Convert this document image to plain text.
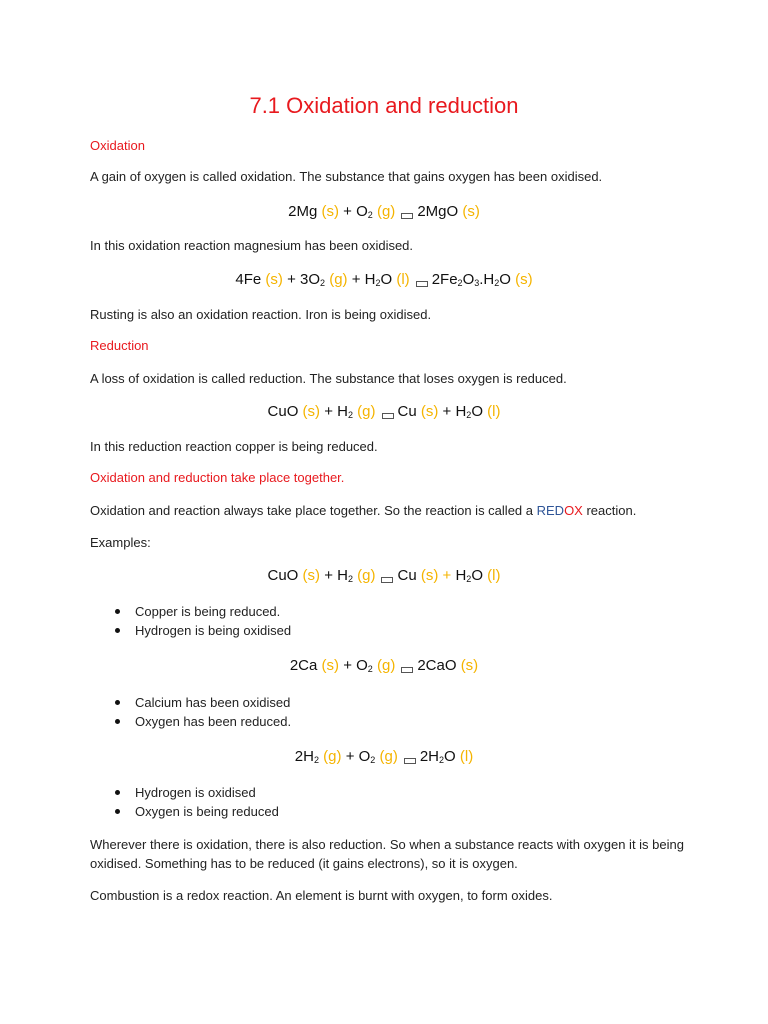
7.1 Oxidation and reduction
Oxidation
A gain of oxygen is called oxidation. The substance that gains oxygen has been oxidised.
2Mg $(s) + O_2$ (g) 2MgO (s)
In this oxidation reaction magnesium has been oxidised.
4Fe $(s) + 3O_2$ $(g) + H_2O$ (l) $2Fe_2O_3.H_2O$ (s)
Rusting is also an oxidation reaction. Iron is being oxidised.
Reduction
A loss of oxidation is called reduction. The substance that loses oxygen is reduced.
CuO $(s) + H_2$ (g) Cu $(s) + H_2O$ (l)
In this reduction reaction copper is being reduced.
Oxidation and reduction take place together.
Oxidation and reaction always take place together. So the reaction is called a REDOX reaction.
Examples:
CuO $(s) + H_2$ (g) Cu $(s) + H_2O$ (l)
Copper is being reduced.
Hydrogen is being oxidised
2Ca $(s) + O_2$ (g) 2CaO (s)
Calcium has been oxidised
Oxygen has been reduced.
$2H_2$ $(g) + O_2$ (g) $2H_2O$ (l)
Hydrogen is oxidised
Oxygen is being reduced
Wherever there is oxidation, there is also reduction. So when a substance reacts with oxygen it is being oxidised. Something has to be reduced (it gains electrons), so it is oxygen.
Combustion is a redox reaction. An element is burnt with oxygen, to form oxides.
